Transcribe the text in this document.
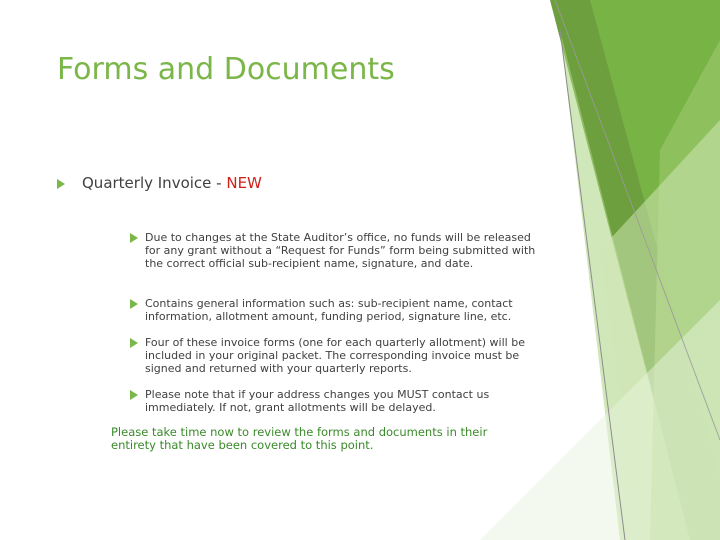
Forms and Documents
Quarterly Invoice - NEW
Due to changes at the State Auditor’s office, no funds will be released for any grant without a “Request for Funds” form being submitted with the correct official sub-recipient name, signature, and date.
Contains general information such as: sub-recipient name, contact information, allotment amount, funding period, signature line, etc.
Four of these invoice forms (one for each quarterly allotment) will be included in your original packet. The corresponding invoice must be signed and returned with your quarterly reports.
Please note that if your address changes you MUST contact us immediately. If not, grant allotments will be delayed.
Please take time now to review the forms and documents in their entirety that have been covered to this point.
